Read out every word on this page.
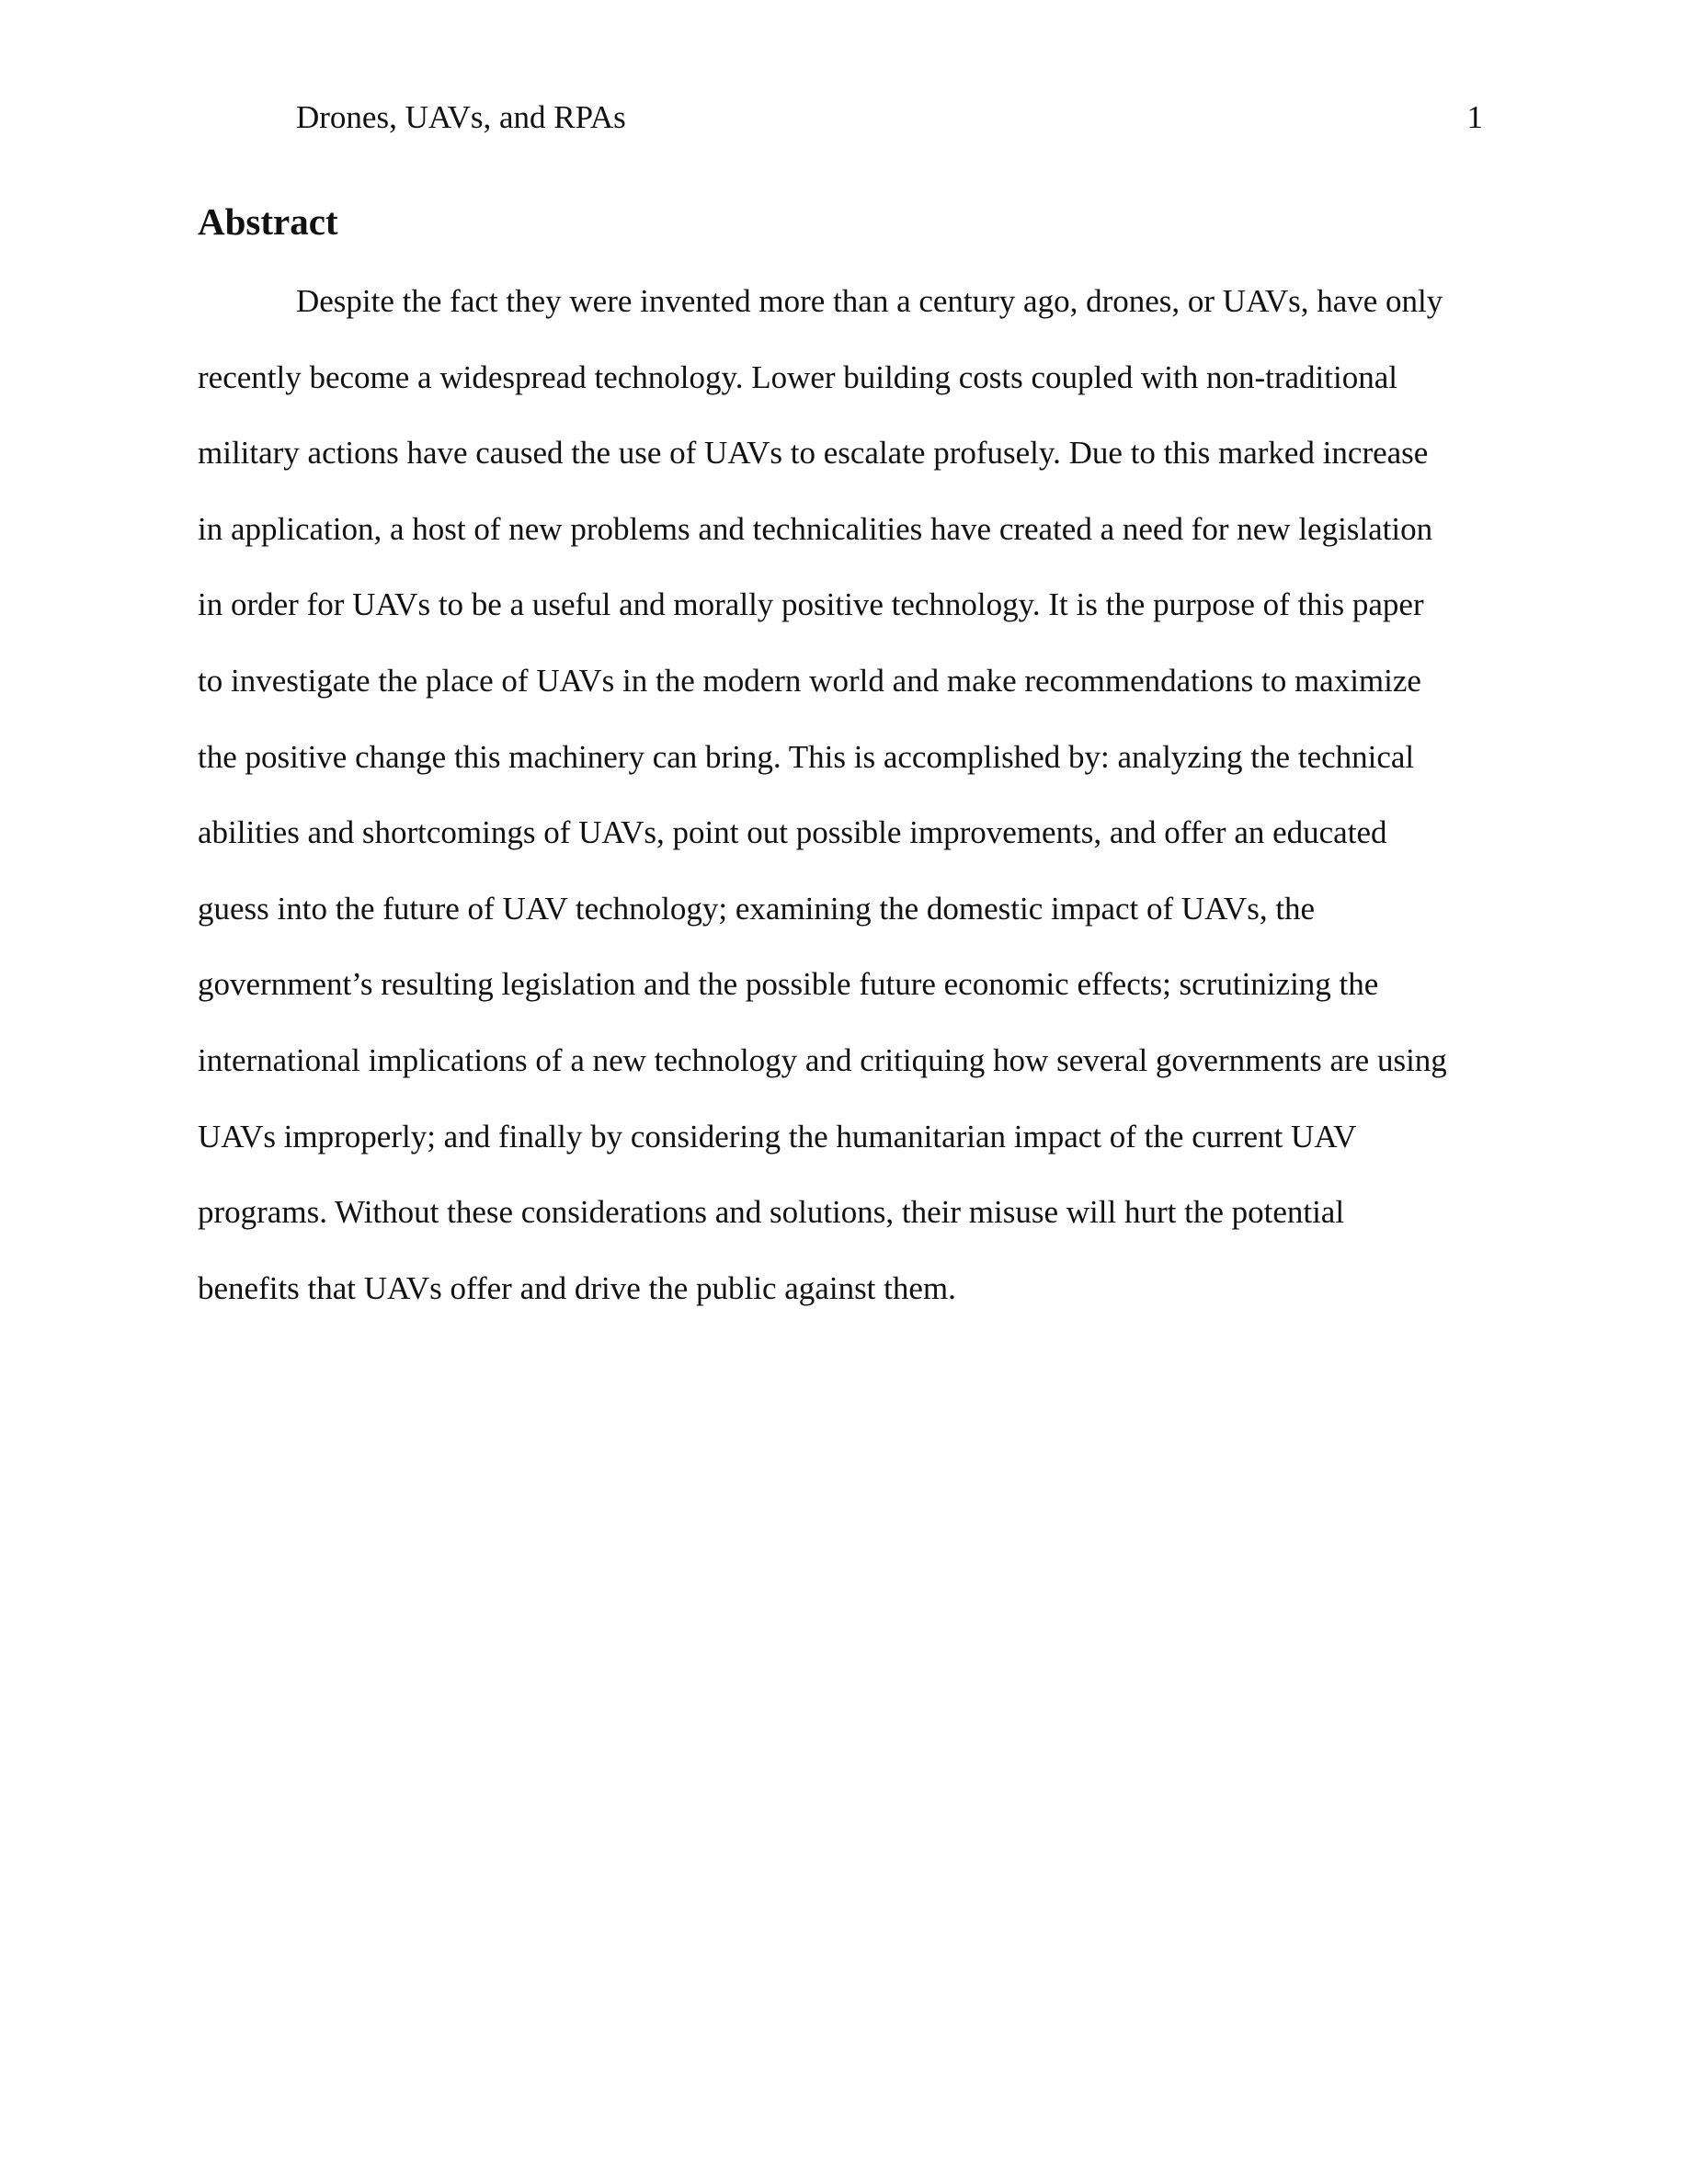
Drones, UAVs, and RPAs	1
Abstract
Despite the fact they were invented more than a century ago, drones, or UAVs, have only
recently become a widespread technology. Lower building costs coupled with non-traditional
military actions have caused the use of UAVs to escalate profusely. Due to this marked increase
in application, a host of new problems and technicalities have created a need for new legislation
in order for UAVs to be a useful and morally positive technology. It is the purpose of this paper
to investigate the place of UAVs in the modern world and make recommendations to maximize
the positive change this machinery can bring. This is accomplished by: analyzing the technical
abilities and shortcomings of UAVs, point out possible improvements, and offer an educated
guess into the future of UAV technology; examining the domestic impact of UAVs, the
government’s resulting legislation and the possible future economic effects; scrutinizing the
international implications of a new technology and critiquing how several governments are using
UAVs improperly; and finally by considering the humanitarian impact of the current UAV
programs. Without these considerations and solutions, their misuse will hurt the potential
benefits that UAVs offer and drive the public against them.
